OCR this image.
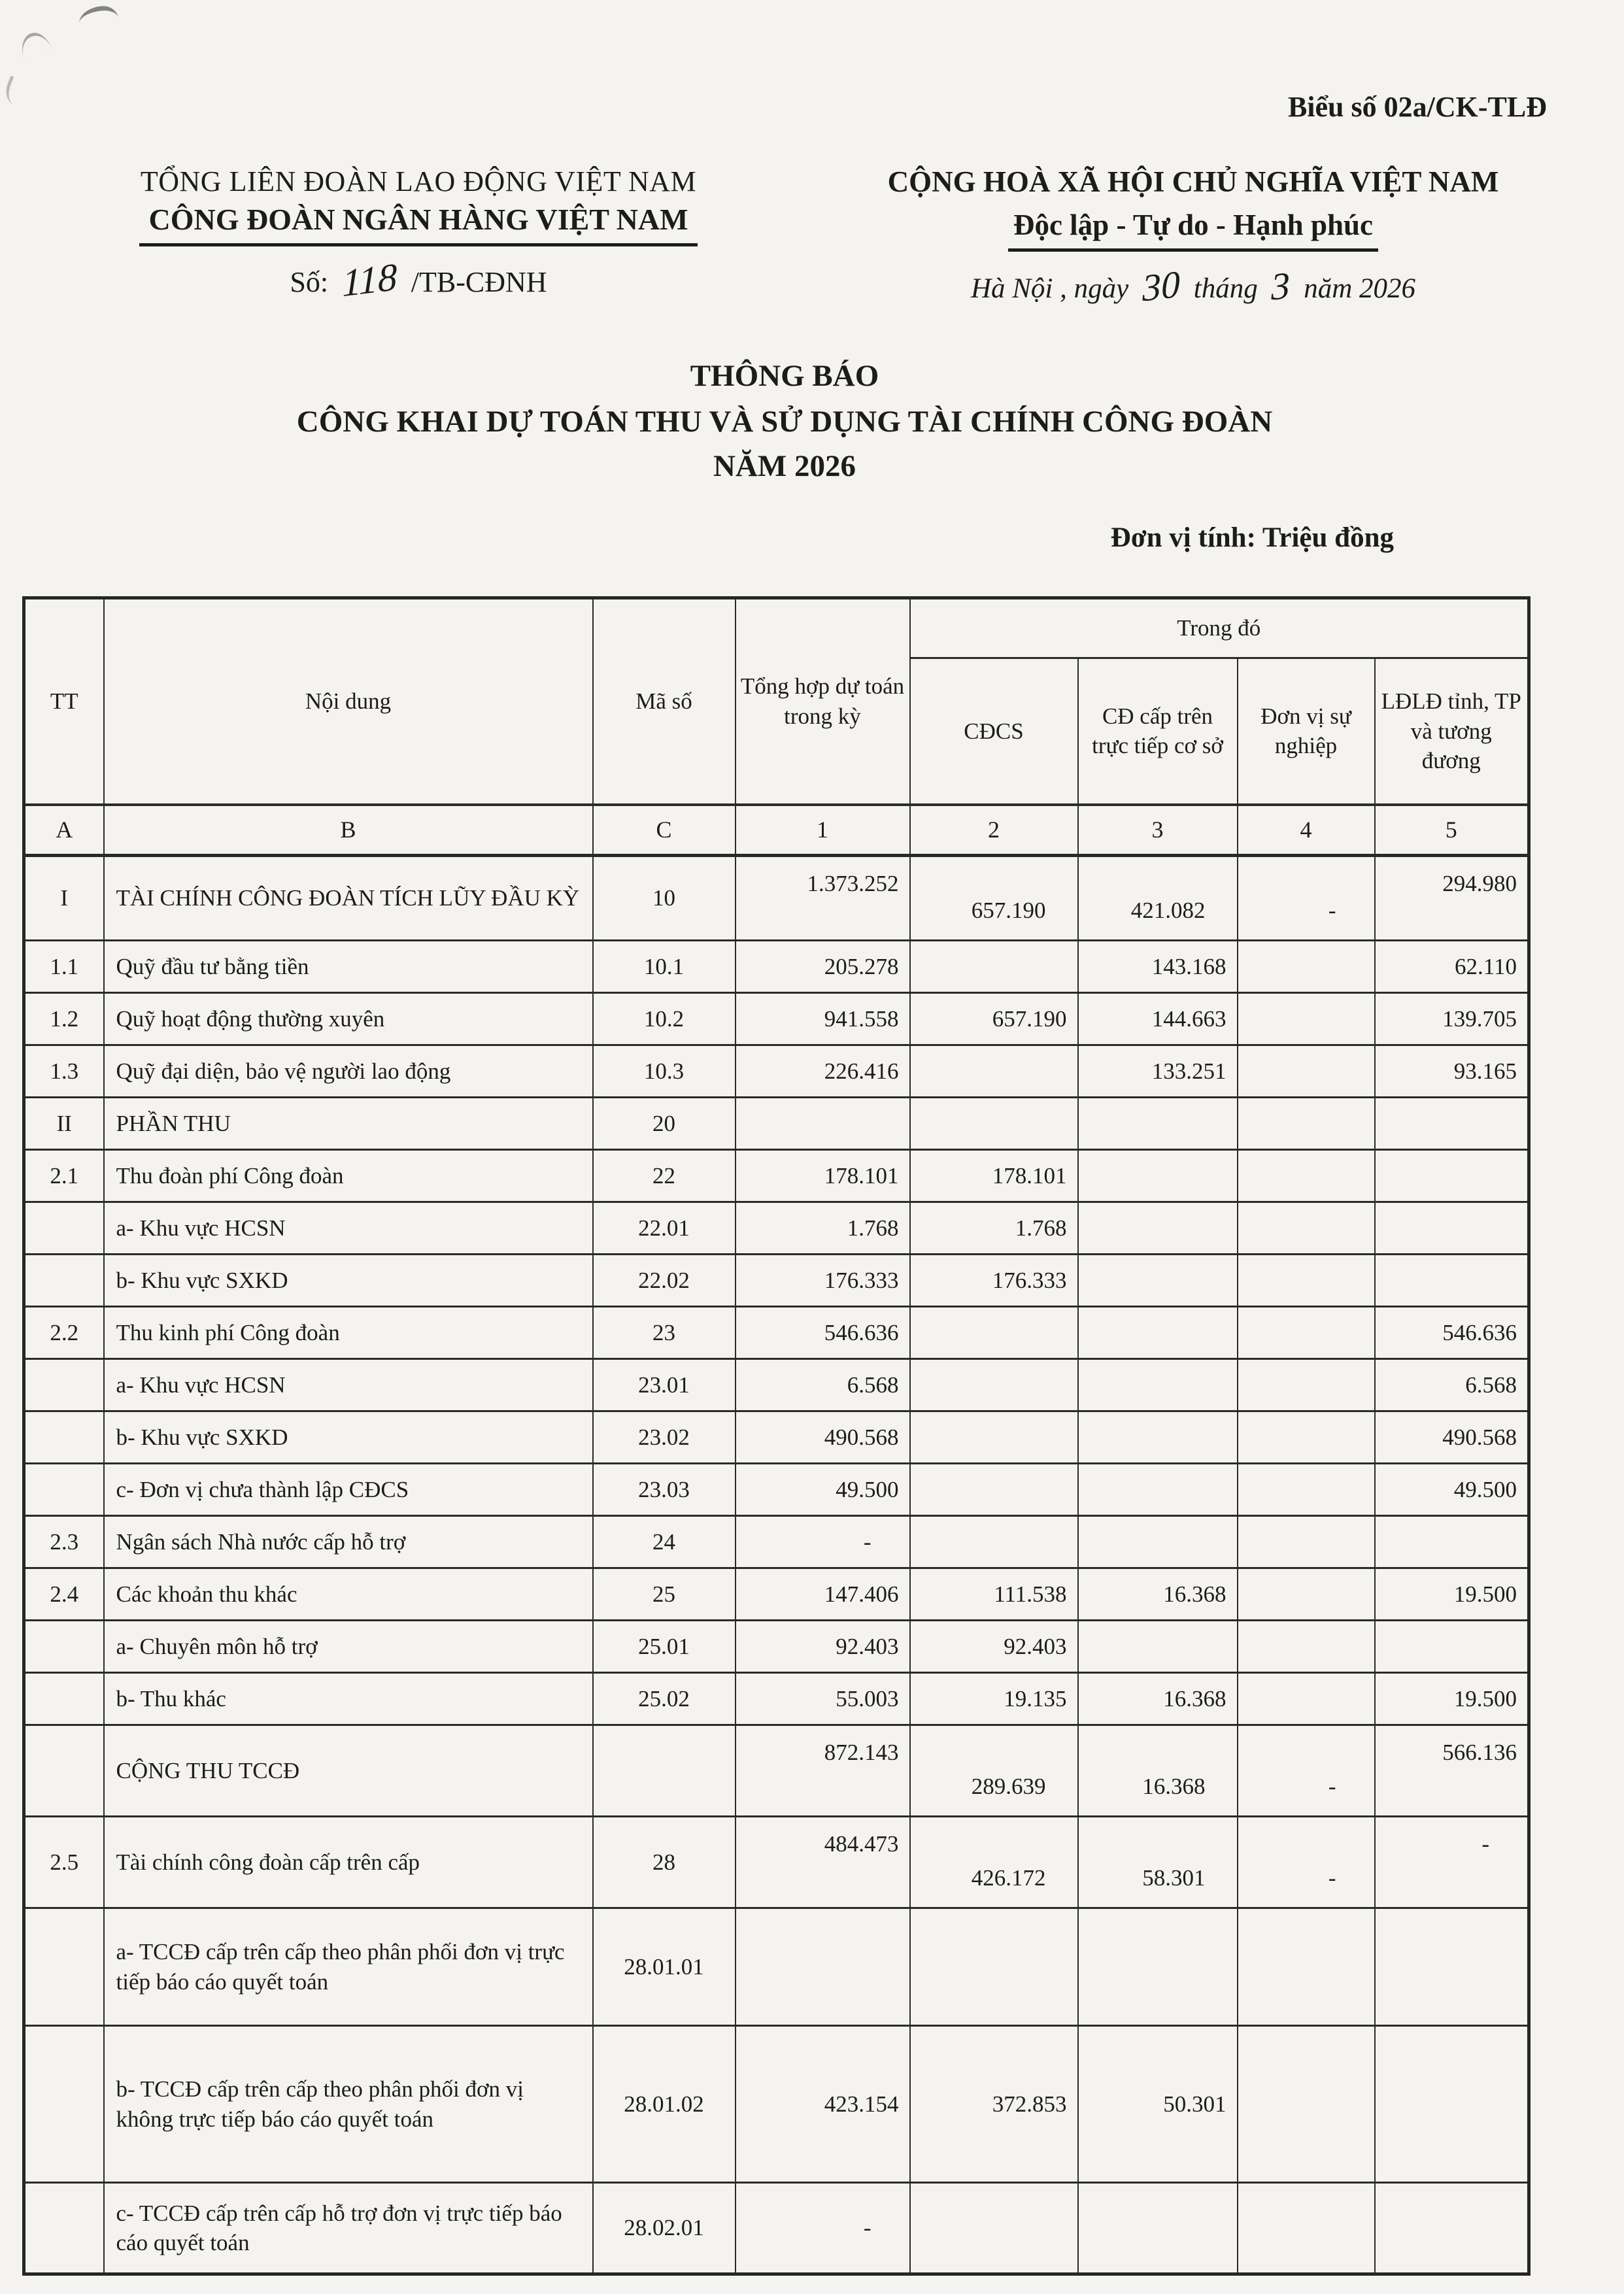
Biểu số 02a/CK-TLĐ
TỔNG LIÊN ĐOÀN LAO ĐỘNG VIỆT NAM
CÔNG ĐOÀN NGÂN HÀNG VIỆT NAM
Số: 118 /TB-CĐNH
CỘNG HOÀ XÃ HỘI CHỦ NGHĨA VIỆT NAM
Độc lập - Tự do - Hạnh phúc
Hà Nội , ngày 30 tháng 3 năm 2026
THÔNG BÁO
CÔNG KHAI DỰ TOÁN THU VÀ SỬ DỤNG TÀI CHÍNH CÔNG ĐOÀN
NĂM 2026
Đơn vị tính: Triệu đồng
TT	Nội dung	Mã số	Tổng hợp dự toán trong kỳ	Trong đó			
				CĐCS	CĐ cấp trên trực tiếp cơ sở	Đơn vị sự nghiệp	LĐLĐ tỉnh, TP và tương đương
A	B	C	1	2	3	4	5
I	TÀI CHÍNH CÔNG ĐOÀN TÍCH LŨY ĐẦU KỲ	10	1.373.252	657.190	421.082	-	294.980
1.1	Quỹ đầu tư bằng tiền	10.1	205.278		143.168		62.110
1.2	Quỹ hoạt động thường xuyên	10.2	941.558	657.190	144.663		139.705
1.3	Quỹ đại diện, bảo vệ người lao động	10.3	226.416		133.251		93.165
II	PHẦN THU	20					
2.1	Thu đoàn phí Công đoàn	22	178.101	178.101			
	a- Khu vực HCSN	22.01	1.768	1.768			
	b- Khu vực SXKD	22.02	176.333	176.333			
2.2	Thu kinh phí Công đoàn	23	546.636				546.636
	a- Khu vực HCSN	23.01	6.568				6.568
	b- Khu vực SXKD	23.02	490.568				490.568
	c- Đơn vị chưa thành lập CĐCS	23.03	49.500				49.500
2.3	Ngân sách Nhà nước cấp hỗ trợ	24	-				
2.4	Các khoản thu khác	25	147.406	111.538	16.368		19.500
	a- Chuyên môn hỗ trợ	25.01	92.403	92.403			
	b- Thu khác	25.02	55.003	19.135	16.368		19.500
	CỘNG THU TCCĐ		872.143	289.639	16.368	-	566.136
2.5	Tài chính công đoàn cấp trên cấp	28	484.473	426.172	58.301	-	-
	a- TCCĐ cấp trên cấp theo phân phối đơn vị trực tiếp báo cáo quyết toán	28.01.01					
	b- TCCĐ cấp trên cấp theo phân phối đơn vị không trực tiếp báo cáo quyết toán	28.01.02	423.154	372.853	50.301		
	c- TCCĐ cấp trên cấp hỗ trợ đơn vị trực tiếp báo cáo quyết toán	28.02.01	-				
